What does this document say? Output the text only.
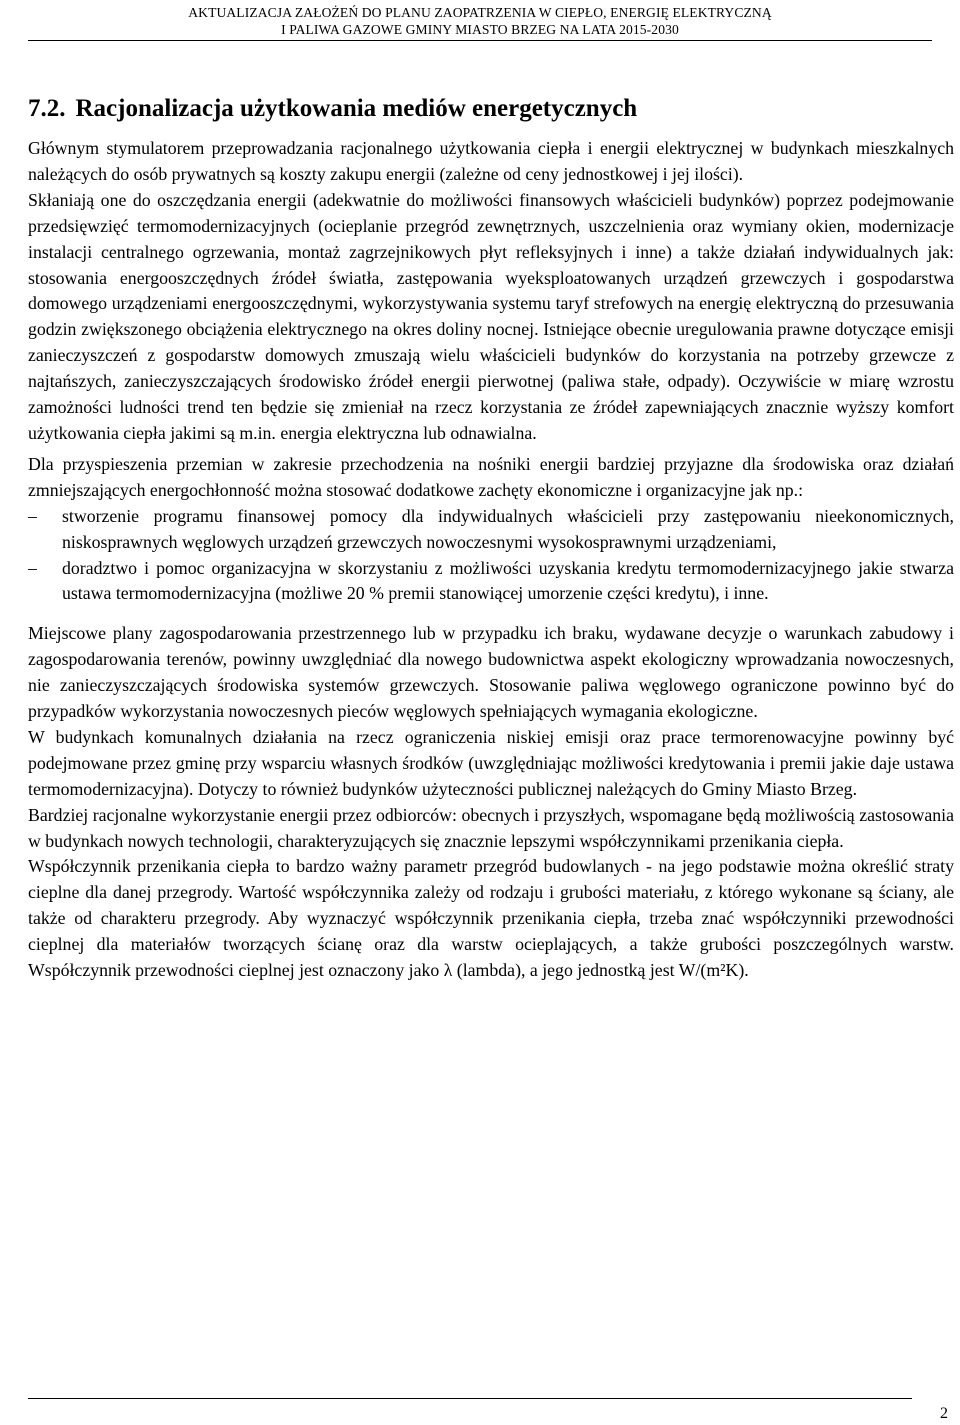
AKTUALIZACJA ZAŁOŻEŃ DO PLANU ZAOPATRZENIA W CIEPŁO, ENERGIĘ ELEKTRYCZNĄ
I PALIWA GAZOWE GMINY MIASTO BRZEG NA LATA 2015-2030
7.2. Racjonalizacja użytkowania mediów energetycznych

Głównym stymulatorem przeprowadzania racjonalnego użytkowania ciepła i energii elektrycznej w budynkach mieszkalnych należących do osób prywatnych są koszty zakupu energii (zależne od ceny jednostkowej i jej ilości).

Skłaniają one do oszczędzania energii (adekwatnie do możliwości finansowych właścicieli budynków) poprzez podejmowanie przedsięwzięć termomodernizacyjnych (ocieplanie przegród zewnętrznych, uszczelnienia oraz wymiany okien, modernizacje instalacji centralnego ogrzewania, montaż zagrzejnikowych płyt refleksyjnych i inne) a także działań indywidualnych jak: stosowania energooszczędnych źródeł światła, zastępowania wyeksploatowanych urządzeń grzewczych i gospodarstwa domowego urządzeniami energooszczędnymi, wykorzystywania systemu taryf strefowych na energię elektryczną do przesuwania godzin zwiększonego obciążenia elektrycznego na okres doliny nocnej. Istniejące obecnie uregulowania prawne dotyczące emisji zanieczyszczeń z gospodarstw domowych zmuszają wielu właścicieli budynków do korzystania na potrzeby grzewcze z najtańszych, zanieczyszczających środowisko źródeł energii pierwotnej (paliwa stałe, odpady). Oczywiście w miarę wzrostu zamożności ludności trend ten będzie się zmieniał na rzecz korzystania ze źródeł zapewniających znacznie wyższy komfort użytkowania ciepła jakimi są m.in. energia elektryczna lub odnawialna.

Dla przyspieszenia przemian w zakresie przechodzenia na nośniki energii bardziej przyjazne dla środowiska oraz działań zmniejszających energochłonność można stosować dodatkowe zachęty ekonomiczne i organizacyjne jak np.:

–	stworzenie programu finansowej pomocy dla indywidualnych właścicieli przy zastępowaniu nieekonomicznych, niskosprawnych węglowych urządzeń grzewczych nowoczesnymi wysokosprawnymi urządzeniami,
–	doradztwo i pomoc organizacyjna w skorzystaniu z możliwości uzyskania kredytu termomodernizacyjnego jakie stwarza ustawa termomodernizacyjna (możliwe 20 % premii stanowiącej umorzenie części kredytu), i inne.

Miejscowe plany zagospodarowania przestrzennego lub w przypadku ich braku, wydawane decyzje o warunkach zabudowy i zagospodarowania terenów, powinny uwzględniać dla nowego budownictwa aspekt ekologiczny wprowadzania nowoczesnych, nie zanieczyszczających środowiska systemów grzewczych. Stosowanie paliwa węglowego ograniczone powinno być do przypadków wykorzystania nowoczesnych pieców węglowych spełniających wymagania ekologiczne.

W budynkach komunalnych działania na rzecz ograniczenia niskiej emisji oraz prace termorenowacyjne powinny być podejmowane przez gminę przy wsparciu własnych środków (uwzględniając możliwości kredytowania i premii jakie daje ustawa termomodernizacyjna). Dotyczy to również budynków użyteczności publicznej należących do Gminy Miasto Brzeg.

Bardziej racjonalne wykorzystanie energii przez odbiorców: obecnych i przyszłych, wspomagane będą możliwością zastosowania w budynkach nowych technologii, charakteryzujących się znacznie lepszymi współczynnikami przenikania ciepła.

Współczynnik przenikania ciepła to bardzo ważny parametr przegród budowlanych - na jego podstawie można określić straty cieplne dla danej przegrody. Wartość współczynnika zależy od rodzaju i grubości materiału, z którego wykonane są ściany, ale także od charakteru przegrody. Aby wyznaczyć współczynnik przenikania ciepła, trzeba znać współczynniki przewodności cieplnej dla materiałów tworzących ścianę oraz dla warstw ocieplających, a także grubości poszczególnych warstw. Współczynnik przewodności cieplnej jest oznaczony jako λ (lambda), a jego jednostką jest W/(m²K).

2
